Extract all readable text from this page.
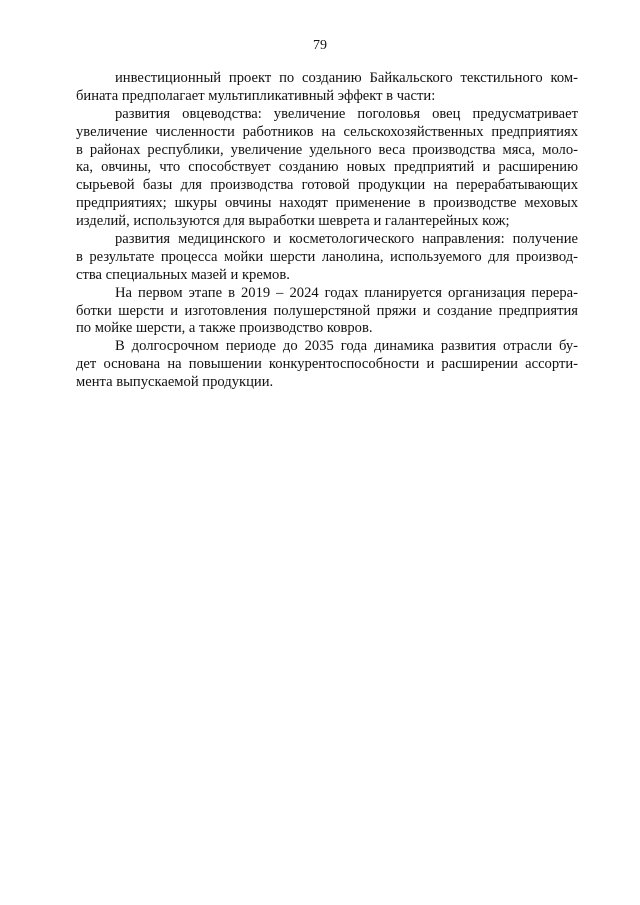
79
инвестиционный проект по созданию Байкальского текстильного ком-
бината предполагает мультипликативный эффект в части:
развития овцеводства: увеличение поголовья овец предусматривает
увеличение численности работников на сельскохозяйственных предприятиях
в районах республики, увеличение удельного веса производства мяса, моло-
ка, овчины, что способствует созданию новых предприятий и расширению
сырьевой базы для производства готовой продукции на перерабатывающих
предприятиях; шкуры овчины находят применение в производстве меховых
изделий, используются для выработки шеврета и галантерейных кож;
развития медицинского и косметологического направления: получение
в результате процесса мойки шерсти ланолина, используемого для производ-
ства специальных мазей и кремов.
На первом этапе в 2019 – 2024 годах планируется организация перера-
ботки шерсти и изготовления полушерстяной пряжи и создание предприятия
по мойке шерсти, а также производство ковров.
В долгосрочном периоде до 2035 года динамика развития отрасли бу-
дет основана на повышении конкурентоспособности и расширении ассорти-
мента выпускаемой продукции.
